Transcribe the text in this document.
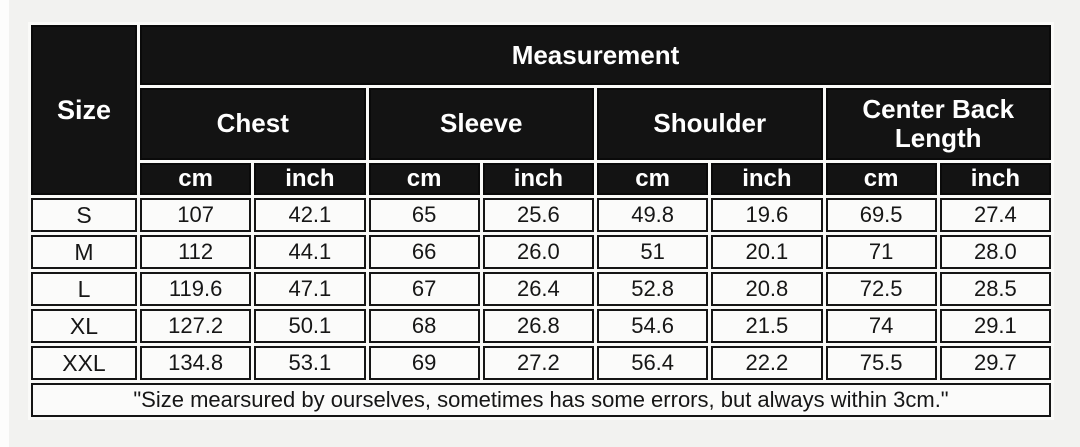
Size	Measurement							
	Chest		Sleeve		Shoulder		Center Back Length	
	cm	inch	cm	inch	cm	inch	cm	inch
S	107	42.1	65	25.6	49.8	19.6	69.5	27.4
M	112	44.1	66	26.0	51	20.1	71	28.0
L	119.6	47.1	67	26.4	52.8	20.8	72.5	28.5
XL	127.2	50.1	68	26.8	54.6	21.5	74	29.1
XXL	134.8	53.1	69	27.2	56.4	22.2	75.5	29.7
"Size mearsured by ourselves, sometimes has some errors, but always within 3cm."								
